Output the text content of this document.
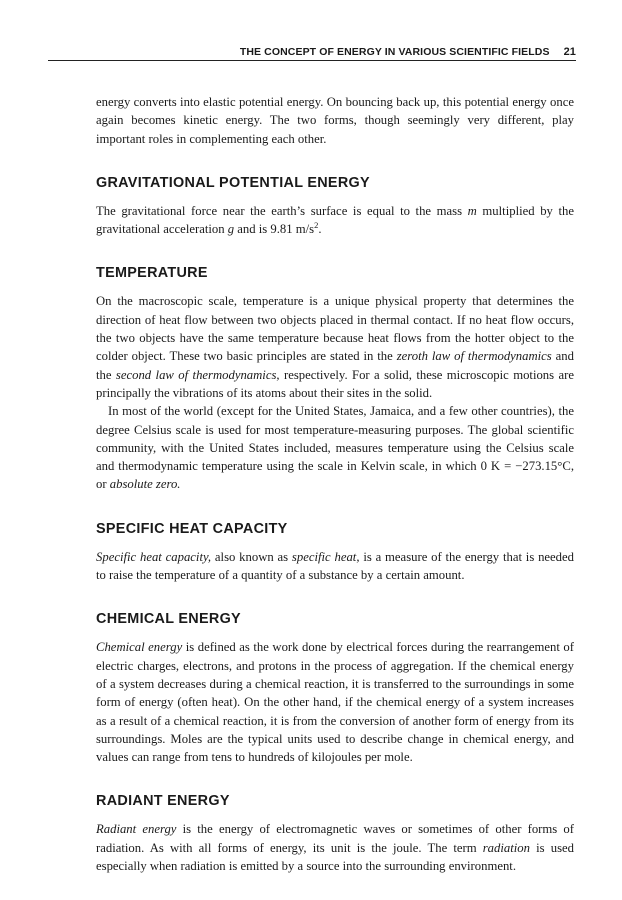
THE CONCEPT OF ENERGY IN VARIOUS SCIENTIFIC FIELDS 21

energy converts into elastic potential energy. On bouncing back up, this potential energy once again becomes kinetic energy. The two forms, though seemingly very different, play important roles in complementing each other.

GRAVITATIONAL POTENTIAL ENERGY

The gravitational force near the earth’s surface is equal to the mass m multiplied by the gravitational acceleration g and is 9.81 $m/s^2$.

TEMPERATURE

On the macroscopic scale, temperature is a unique physical property that determines the direction of heat flow between two objects placed in thermal contact. If no heat flow occurs, the two objects have the same temperature because heat flows from the hotter object to the colder object. These two basic principles are stated in the zeroth law of thermodynamics and the second law of thermodynamics, respectively. For a solid, these microscopic motions are principally the vibrations of its atoms about their sites in the solid.

In most of the world (except for the United States, Jamaica, and a few other countries), the degree Celsius scale is used for most temperature-measuring purposes. The global scientific community, with the United States included, measures temperature using the Celsius scale and thermodynamic temperature using the scale in Kelvin scale, in which 0 K = −273.15°C, or absolute zero.

SPECIFIC HEAT CAPACITY

Specific heat capacity, also known as specific heat, is a measure of the energy that is needed to raise the temperature of a quantity of a substance by a certain amount.

CHEMICAL ENERGY

Chemical energy is defined as the work done by electrical forces during the rearrangement of electric charges, electrons, and protons in the process of aggregation. If the chemical energy of a system decreases during a chemical reaction, it is transferred to the surroundings in some form of energy (often heat). On the other hand, if the chemical energy of a system increases as a result of a chemical reaction, it is from the conversion of another form of energy from its surroundings. Moles are the typical units used to describe change in chemical energy, and values can range from tens to hundreds of kilojoules per mole.

RADIANT ENERGY

Radiant energy is the energy of electromagnetic waves or sometimes of other forms of radiation. As with all forms of energy, its unit is the joule. The term radiation is used especially when radiation is emitted by a source into the surrounding environment.
